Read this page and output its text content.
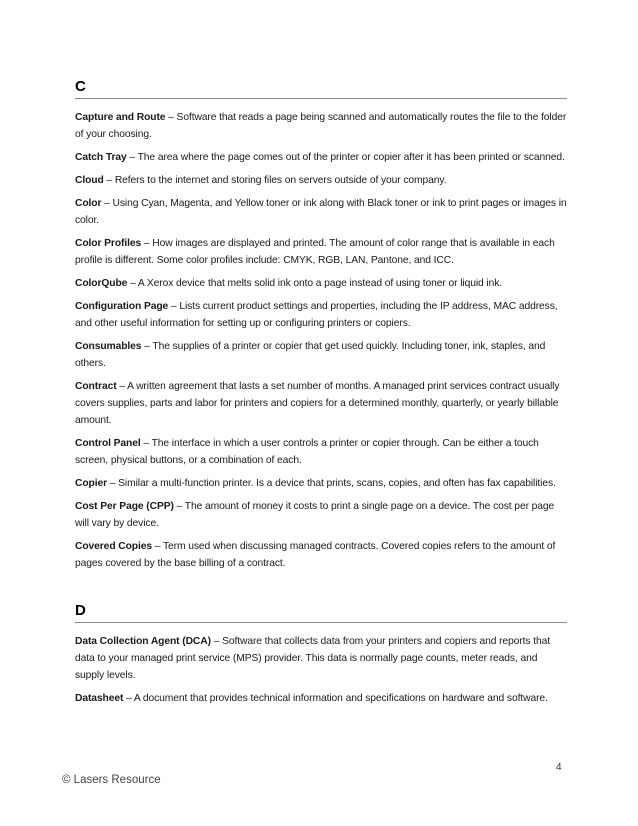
C

Capture and Route – Software that reads a page being scanned and automatically routes the file to the folder of your choosing.

Catch Tray – The area where the page comes out of the printer or copier after it has been printed or scanned.

Cloud – Refers to the internet and storing files on servers outside of your company.

Color – Using Cyan, Magenta, and Yellow toner or ink along with Black toner or ink to print pages or images in color.

Color Profiles – How images are displayed and printed. The amount of color range that is available in each profile is different. Some color profiles include: CMYK, RGB, LAN, Pantone, and ICC.

ColorQube – A Xerox device that melts solid ink onto a page instead of using toner or liquid ink.

Configuration Page – Lists current product settings and properties, including the IP address, MAC address, and other useful information for setting up or configuring printers or copiers.

Consumables – The supplies of a printer or copier that get used quickly. Including toner, ink, staples, and others.

Contract – A written agreement that lasts a set number of months. A managed print services contract usually covers supplies, parts and labor for printers and copiers for a determined monthly, quarterly, or yearly billable amount.

Control Panel – The interface in which a user controls a printer or copier through. Can be either a touch screen, physical buttons, or a combination of each.

Copier – Similar a multi-function printer. Is a device that prints, scans, copies, and often has fax capabilities.

Cost Per Page (CPP) – The amount of money it costs to print a single page on a device. The cost per page will vary by device.

Covered Copies – Term used when discussing managed contracts. Covered copies refers to the amount of pages covered by the base billing of a contract.

D

Data Collection Agent (DCA) – Software that collects data from your printers and copiers and reports that data to your managed print service (MPS) provider. This data is normally page counts, meter reads, and supply levels.

Datasheet – A document that provides technical information and specifications on hardware and software.

4
© Lasers Resource
